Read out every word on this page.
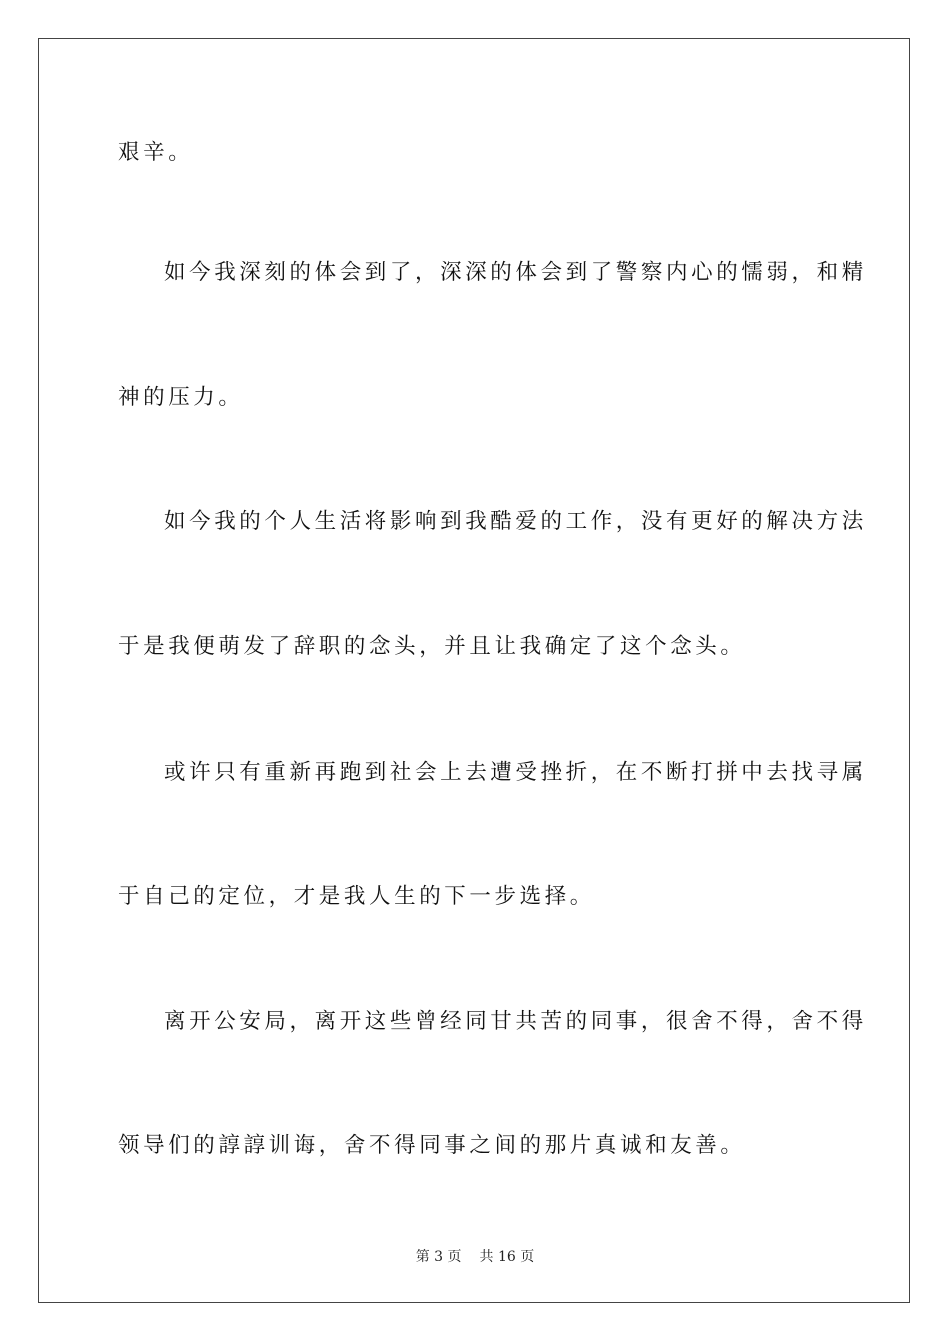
艰辛。
如今我深刻的体会到了，深深的体会到了警察内心的懦弱，和精
神的压力。
如今我的个人生活将影响到我酷爱的工作，没有更好的解决方法
于是我便萌发了辞职的念头，并且让我确定了这个念头。
或许只有重新再跑到社会上去遭受挫折，在不断打拼中去找寻属
于自己的定位，才是我人生的下一步选择。
离开公安局，离开这些曾经同甘共苦的同事，很舍不得，舍不得
领导们的諄諄训诲，舍不得同事之间的那片真诚和友善。
第 3 页 共 16 页
